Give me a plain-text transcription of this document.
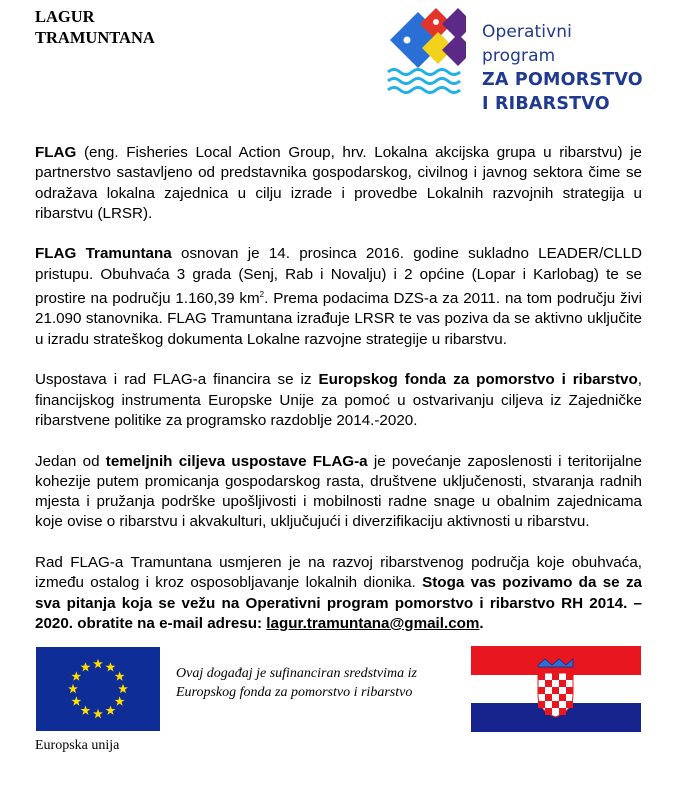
LAGUR
TRAMUNTANA	Operativni program
ZA POMORSTVO
I RIBARSTVO

FLAG (eng. Fisheries Local Action Group, hrv. Lokalna akcijska grupa u ribarstvu) je partnerstvo sastavljeno od predstavnika gospodarskog, civilnog i javnog sektora čime se odražava lokalna zajednica u cilju izrade i provedbe Lokalnih razvojnih strategija u ribarstvu (LRSR).

FLAG Tramuntana osnovan je 14. prosinca 2016. godine sukladno LEADER/CLLD pristupu. Obuhvaća 3 grada (Senj, Rab i Novalju) i 2 općine (Lopar i Karlobag) te se prostire na području 1.160,39 $km^2$. Prema podacima DZS-a za 2011. na tom području živi 21.090 stanovnika. FLAG Tramuntana izrađuje LRSR te vas poziva da se aktivno uključite u izradu strateškog dokumenta Lokalne razvojne strategije u ribarstvu.

Uspostava i rad FLAG-a financira se iz Europskog fonda za pomorstvo i ribarstvo, financijskog instrumenta Europske Unije za pomoć u ostvarivanju ciljeva iz Zajedničke ribarstvene politike za programsko razdoblje 2014.-2020.

Jedan od temeljnih ciljeva uspostave FLAG-a je povećanje zaposlenosti i teritorijalne kohezije putem promicanja gospodarskog rasta, društvene uključenosti, stvaranja radnih mjesta i pružanja podrške upošljivosti i mobilnosti radne snage u obalnim zajednicama koje ovise o ribarstvu i akvakulturi, uključujući i diverzifikaciju aktivnosti u ribarstvu.

Rad FLAG-a Tramuntana usmjeren je na razvoj ribarstvenog područja koje obuhvaća, između ostalog i kroz osposobljavanje lokalnih dionika. Stoga vas pozivamo da se za sva pitanja koja se vežu na Operativni program pomorstvo i ribarstvo RH 2014. – 2020. obratite na e-mail adresu: lagur.tramuntana@gmail.com.

Europska unija
Ovaj događaj je sufinanciran sredstvima iz
Europskog fonda za pomorstvo i ribarstvo
